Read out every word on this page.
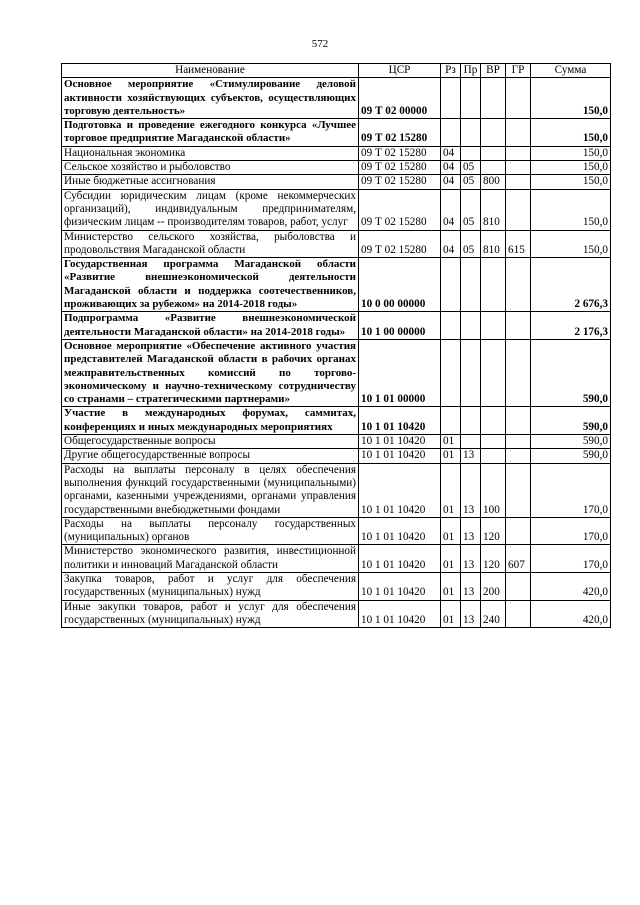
572
Наименование	ЦСР	Рз	Пр	ВР	ГР	Сумма
Основное мероприятие «Стимулирование деловой активности хозяйствующих субъектов, осуществляющих торговую деятельность»	09 Т 02 00000					150,0
Подготовка и проведение ежегодного конкурса «Лучшее торговое предприятие Магаданской области»	09 Т 02 15280					150,0
Национальная экономика	09 Т 02 15280	04				150,0
Сельское хозяйство и рыболовство	09 Т 02 15280	04	05			150,0
Иные бюджетные ассигнования	09 Т 02 15280	04	05	800		150,0
Субсидии юридическим лицам (кроме некоммерческих организаций), индивидуальным предпринимателям, физическим лицам -- производителям товаров, работ, услуг	09 Т 02 15280	04	05	810		150,0
Министерство сельского хозяйства, рыболовства и продовольствия Магаданской области	09 Т 02 15280	04	05	810	615	150,0
Государственная программа Магаданской области «Развитие внешнеэкономической деятельности Магаданской области и поддержка соотечественников, проживающих за рубежом» на 2014-2018 годы»	10 0 00 00000					2 676,3
Подпрограмма «Развитие внешнеэкономической деятельности Магаданской области» на 2014-2018 годы»	10 1 00 00000					2 176,3
Основное мероприятие «Обеспечение активного участия представителей Магаданской области в рабочих органах межправительственных комиссий по торгово-экономическому и научно-техническому сотрудничеству со странами – стратегическими партнерами»	10 1 01 00000					590,0
Участие в международных форумах, саммитах, конференциях и иных международных мероприятиях	10 1 01 10420					590,0
Общегосударственные вопросы	10 1 01 10420	01				590,0
Другие общегосударственные вопросы	10 1 01 10420	01	13			590,0
Расходы на выплаты персоналу в целях обеспечения выполнения функций государственными (муниципальными) органами, казенными учреждениями, органами управления государственными внебюджетными фондами	10 1 01 10420	01	13	100		170,0
Расходы на выплаты персоналу государственных (муниципальных) органов	10 1 01 10420	01	13	120		170,0
Министерство экономического развития, инвестиционной политики и инноваций Магаданской области	10 1 01 10420	01	13	120	607	170,0
Закупка товаров, работ и услуг для обеспечения государственных (муниципальных) нужд	10 1 01 10420	01	13	200		420,0
Иные закупки товаров, работ и услуг для обеспечения государственных (муниципальных) нужд	10 1 01 10420	01	13	240		420,0
